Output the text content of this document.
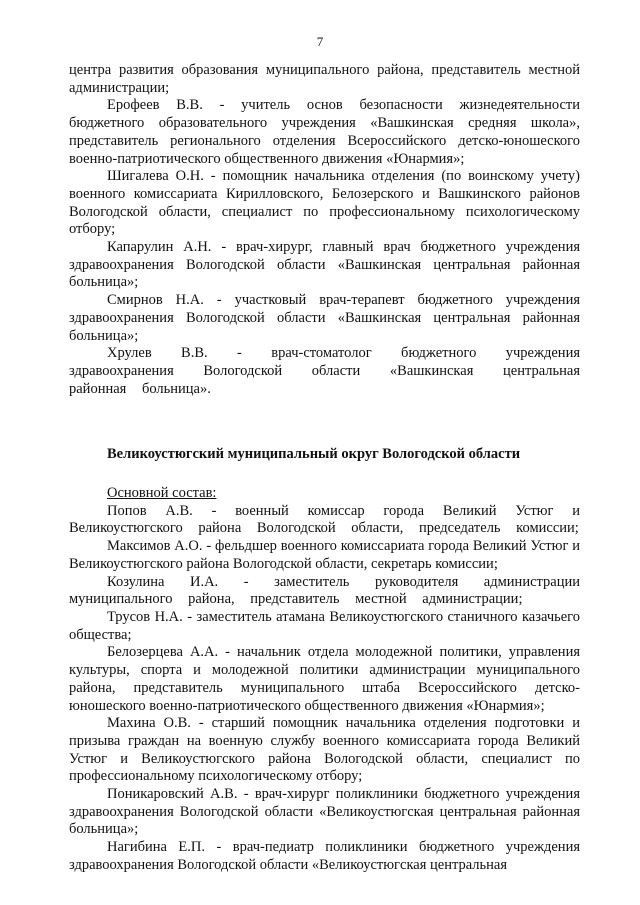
7

центра развития образования муниципального района, представитель местной администрации;

Ерофеев В.В. - учитель основ безопасности жизнедеятельности бюджетного образовательного учреждения «Вашкинская средняя школа», представитель регионального отделения Всероссийского детско-юношеского военно-патриотического общественного движения «Юнармия»;

Шигалева О.Н. - помощник начальника отделения (по воинскому учету) военного комиссариата Кирилловского, Белозерского и Вашкинского районов Вологодской области, специалист по профессиональному психологическому отбору;

Капарулин А.Н. - врач-хирург, главный врач бюджетного учреждения здравоохранения Вологодской области «Вашкинская центральная районная больница»;

Смирнов Н.А. - участковый врач-терапевт бюджетного учреждения здравоохранения Вологодской области «Вашкинская центральная районная больница»;

Хрулев В.В. - врач-стоматолог бюджетного учреждения здравоохранения Вологодской области «Вашкинская центральная районная больница».

Великоустюгский муниципальный округ Вологодской области

Основной состав:

Попов А.В. - военный комиссар города Великий Устюг и Великоустюгского района Вологодской области, председатель комиссии;

Максимов А.О. - фельдшер военного комиссариата города Великий Устюг и Великоустюгского района Вологодской области, секретарь комиссии;

Козулина И.А. - заместитель руководителя администрации муниципального района, представитель местной администрации;

Трусов Н.А. - заместитель атамана Великоустюгского станичного казачьего общества;

Белозерцева А.А. - начальник отдела молодежной политики, управления культуры, спорта и молодежной политики администрации муниципального района, представитель муниципального штаба Всероссийского детско-юношеского военно-патриотического общественного движения «Юнармия»;

Махина О.В. - старший помощник начальника отделения подготовки и призыва граждан на военную службу военного комиссариата города Великий Устюг и Великоустюгского района Вологодской области, специалист по профессиональному психологическому отбору;

Поникаровский А.В. - врач-хирург поликлиники бюджетного учреждения здравоохранения Вологодской области «Великоустюгская центральная районная больница»;

Нагибина Е.П. - врач-педиатр поликлиники бюджетного учреждения здравоохранения Вологодской области «Великоустюгская центральная
